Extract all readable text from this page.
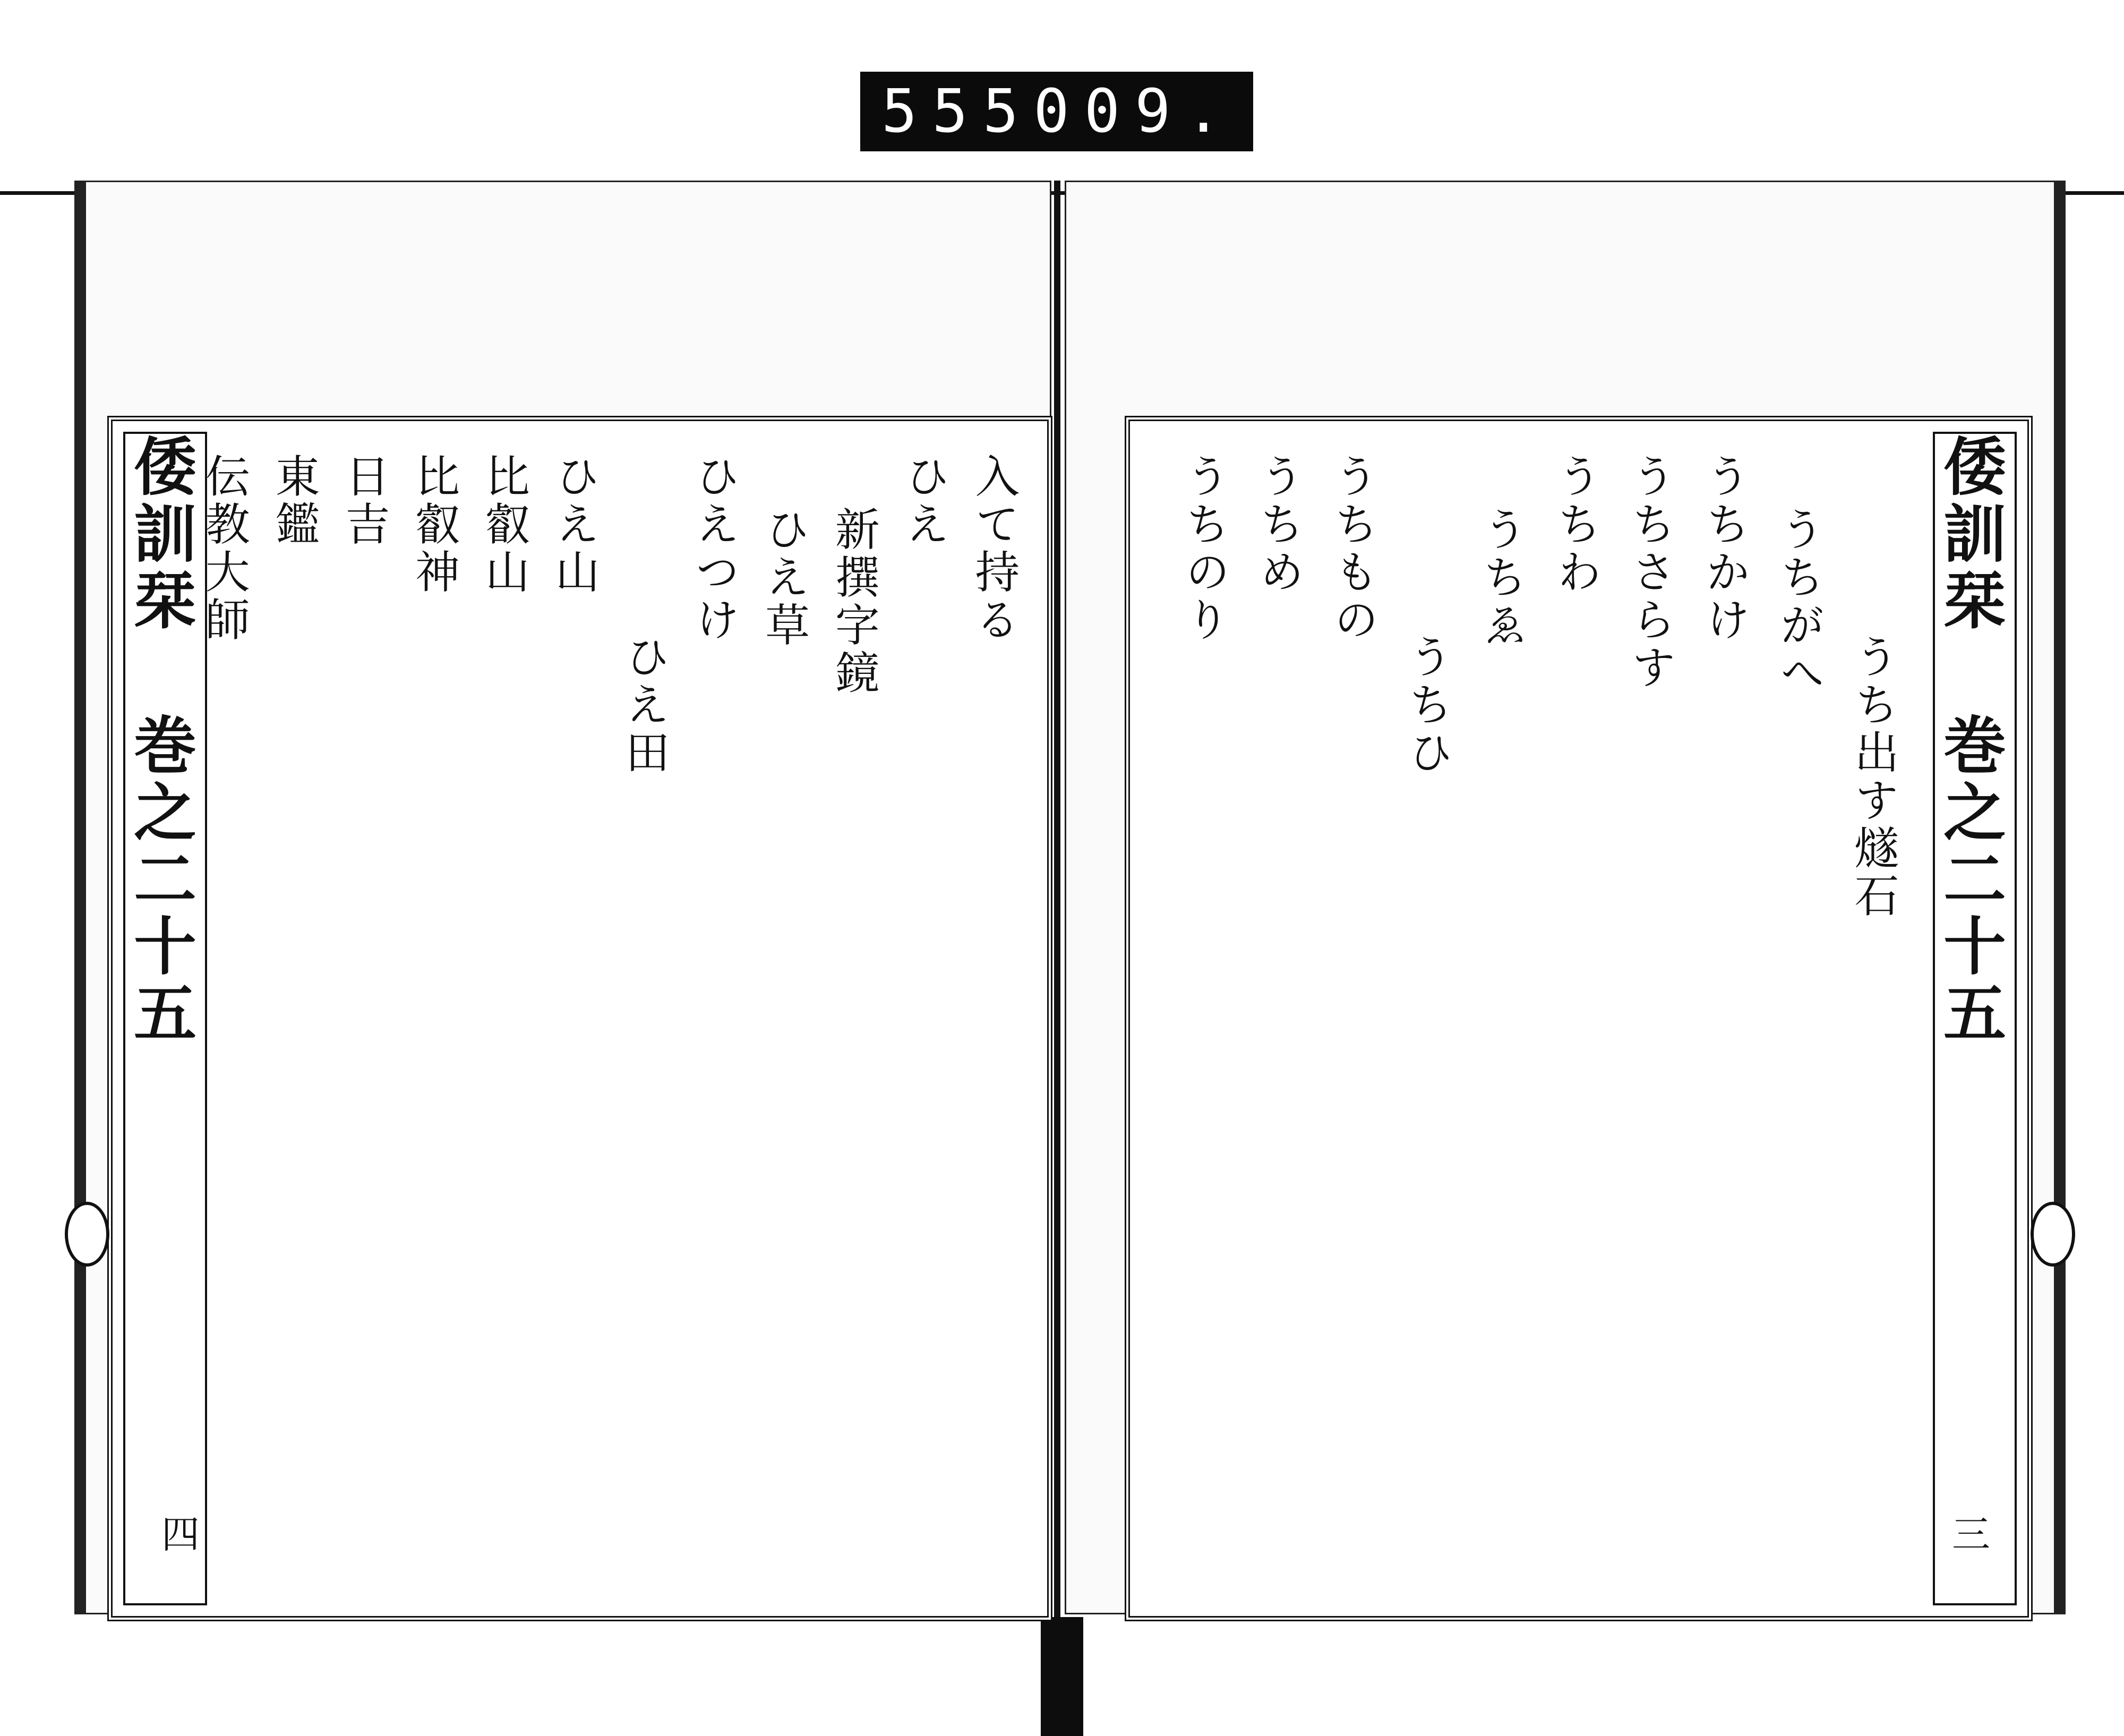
555 009.
倭訓栞 巻之二十五
四
入て持る
ひえ
新撰字鏡
ひえ草
ひえつけ
ひえ田
ひえ山
比叡山
比叡神
日吉
東鑑
伝教大師	倭訓栞 巻之二十五
三
うち出す燧石
うちがへ
うちかけ
うちさらす
うちわ
うちゑ
うちひ
うちもの
うちめ
うちのり
